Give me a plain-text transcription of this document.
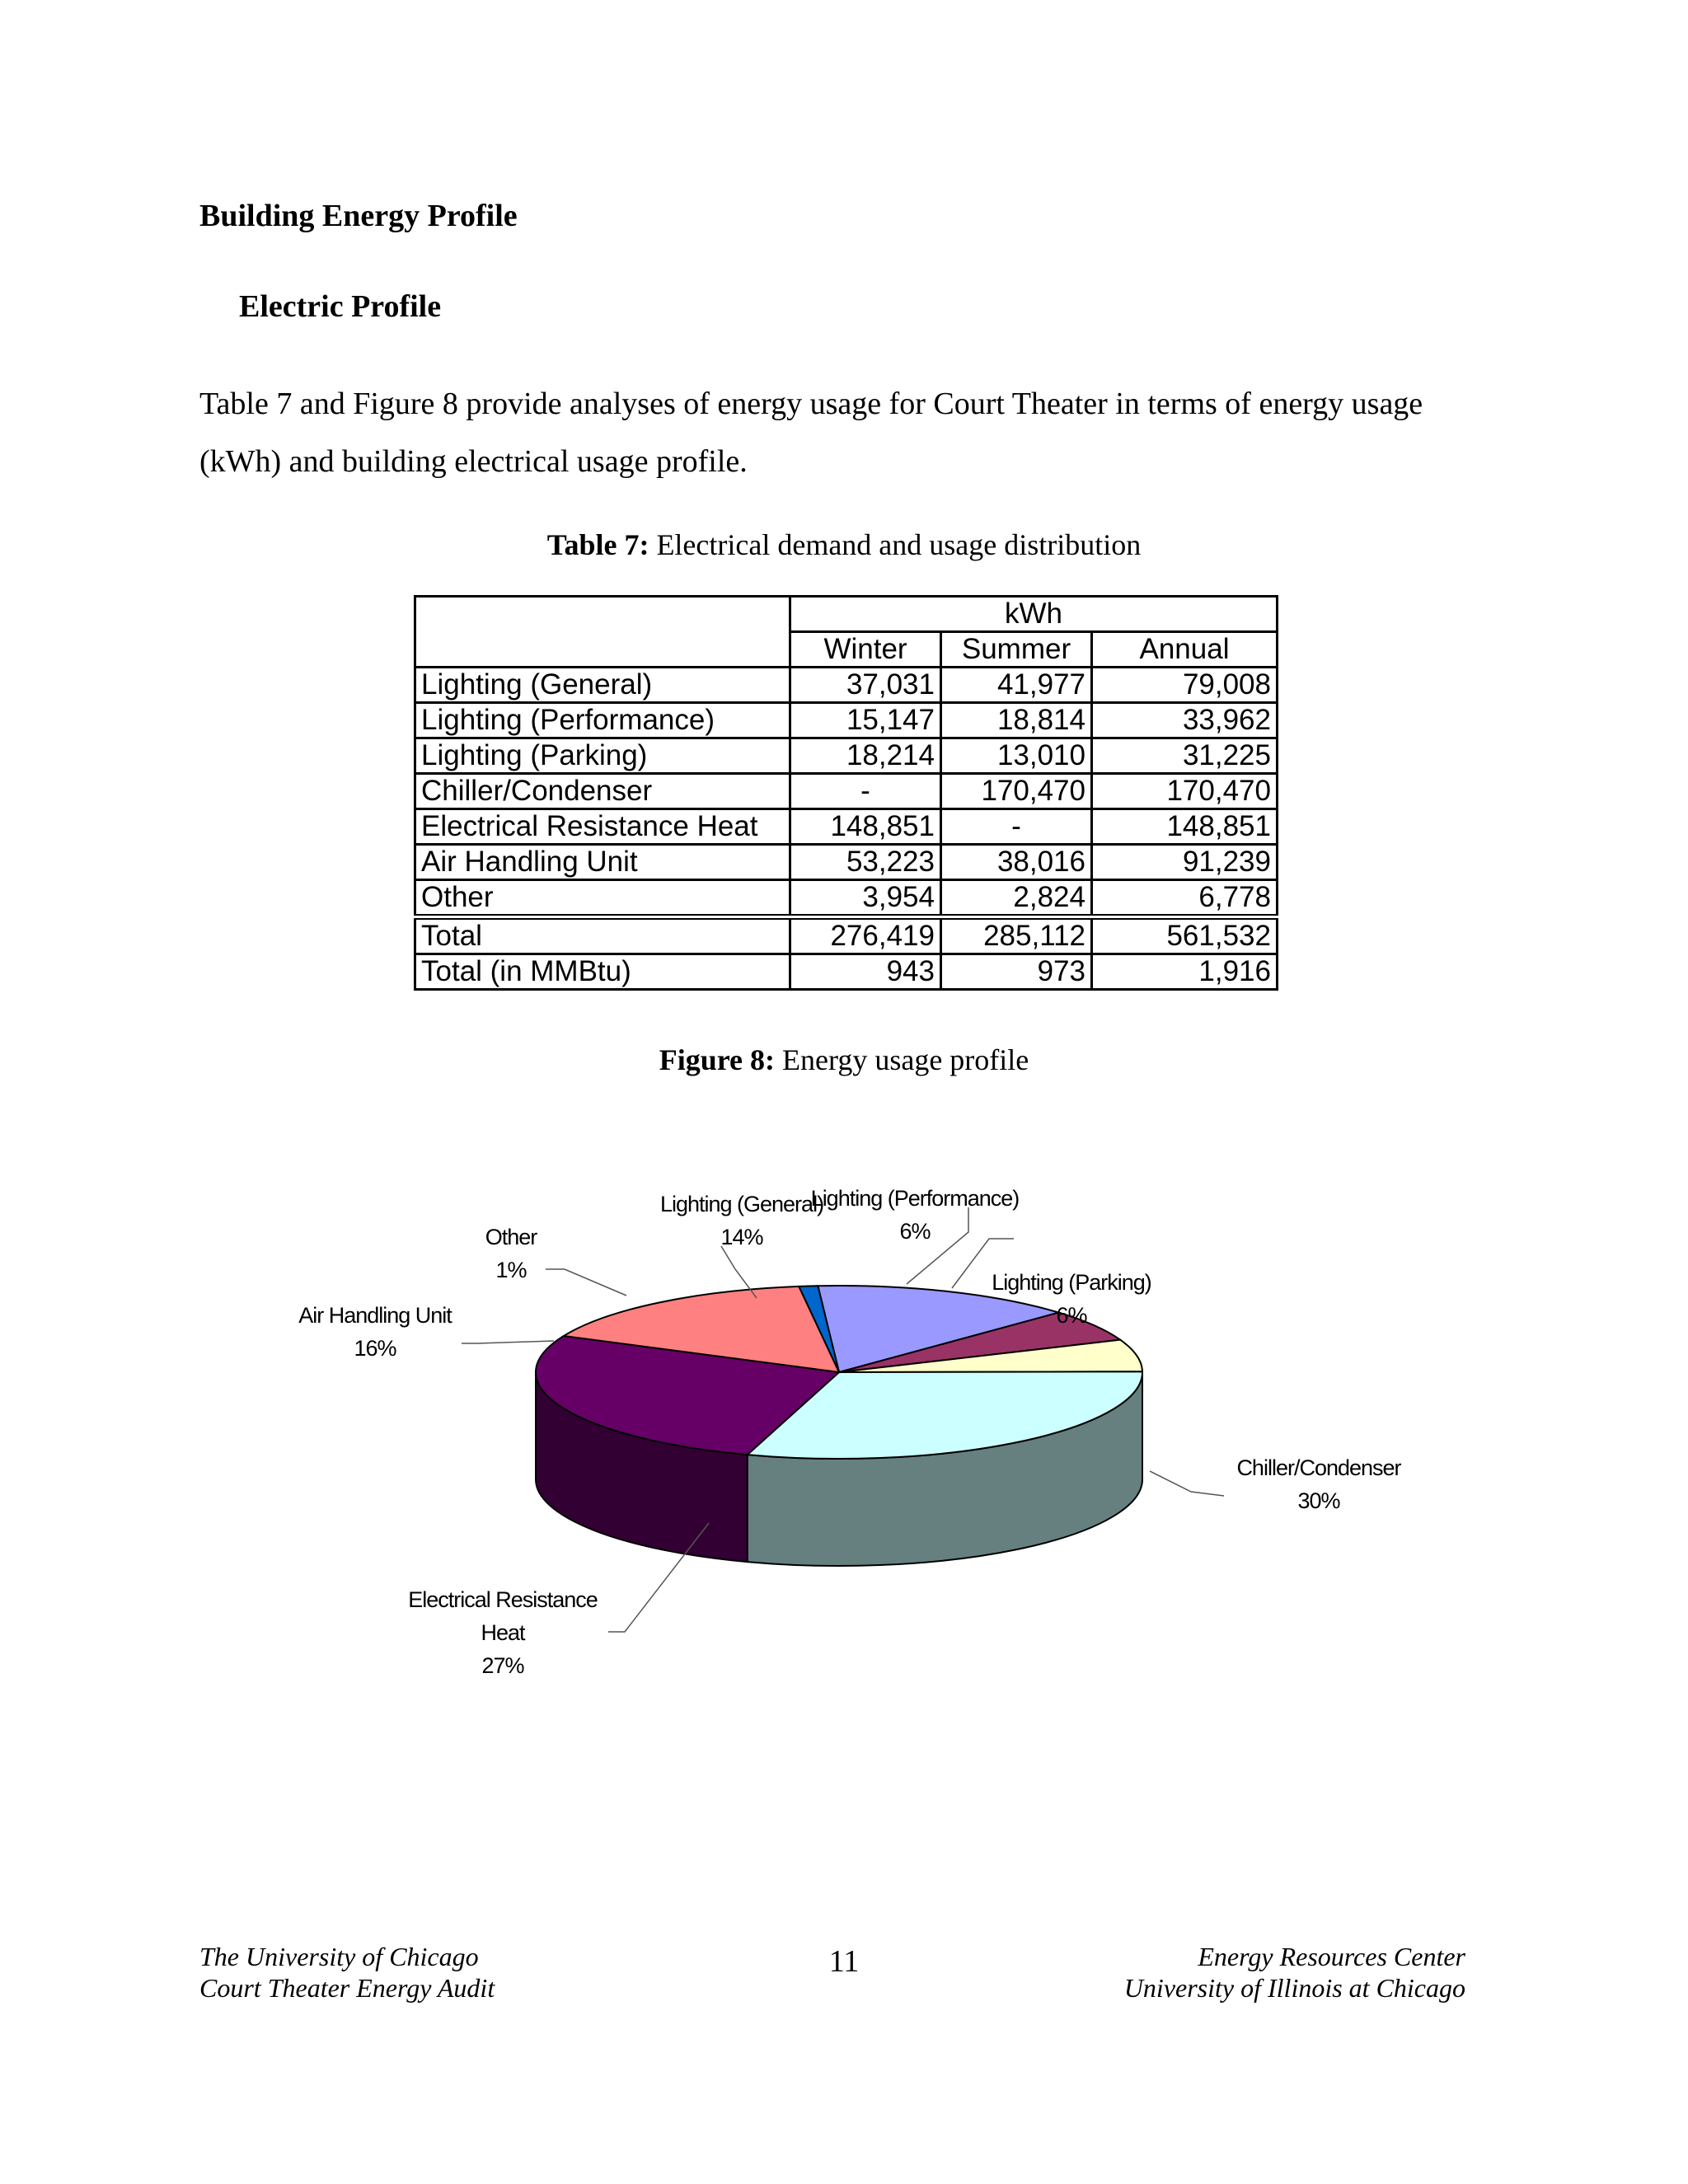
Building Energy Profile
Electric Profile
Table 7 and Figure 8 provide analyses of energy usage for Court Theater in terms of energy usage (kWh) and building electrical usage profile.
Table 7: Electrical demand and usage distribution
	kWh		
	Winter	Summer	Annual
Lighting (General)	37,031	41,977	79,008
Lighting (Performance)	15,147	18,814	33,962
Lighting (Parking)	18,214	13,010	31,225
Chiller/Condenser	-	170,470	170,470
Electrical Resistance Heat	148,851	-	148,851
Air Handling Unit	53,223	38,016	91,239
Other	3,954	2,824	6,778
Total	276,419	285,112	561,532
Total (in MMBtu)	943	973	1,916
Figure 8: Energy usage profile
Lighting (General) 14%
Lighting (Performance) 6%
Lighting (Parking) 6%
Chiller/Condenser 30%
Electrical Resistance Heat 27%
Air Handling Unit 16%
Other 1%
The University of Chicago
Court Theater Energy Audit
11	Energy Resources Center
University of Illinois at Chicago
